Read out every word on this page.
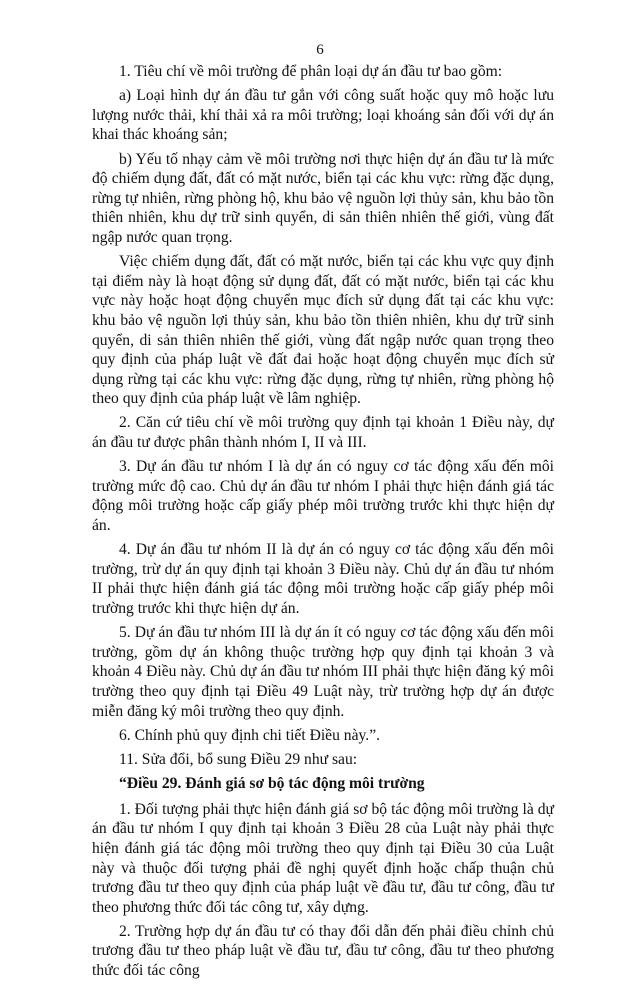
6

1. Tiêu chí về môi trường để phân loại dự án đầu tư bao gồm:

a) Loại hình dự án đầu tư gắn với công suất hoặc quy mô hoặc lưu lượng nước thải, khí thải xả ra môi trường; loại khoáng sản đối với dự án khai thác khoáng sản;

b) Yếu tố nhạy cảm về môi trường nơi thực hiện dự án đầu tư là mức độ chiếm dụng đất, đất có mặt nước, biển tại các khu vực: rừng đặc dụng, rừng tự nhiên, rừng phòng hộ, khu bảo vệ nguồn lợi thủy sản, khu bảo tồn thiên nhiên, khu dự trữ sinh quyển, di sản thiên nhiên thế giới, vùng đất ngập nước quan trọng.

Việc chiếm dụng đất, đất có mặt nước, biển tại các khu vực quy định tại điểm này là hoạt động sử dụng đất, đất có mặt nước, biển tại các khu vực này hoặc hoạt động chuyển mục đích sử dụng đất tại các khu vực: khu bảo vệ nguồn lợi thủy sản, khu bảo tồn thiên nhiên, khu dự trữ sinh quyển, di sản thiên nhiên thế giới, vùng đất ngập nước quan trọng theo quy định của pháp luật về đất đai hoặc hoạt động chuyển mục đích sử dụng rừng tại các khu vực: rừng đặc dụng, rừng tự nhiên, rừng phòng hộ theo quy định của pháp luật về lâm nghiệp.

2. Căn cứ tiêu chí về môi trường quy định tại khoản 1 Điều này, dự án đầu tư được phân thành nhóm I, II và III.

3. Dự án đầu tư nhóm I là dự án có nguy cơ tác động xấu đến môi trường mức độ cao. Chủ dự án đầu tư nhóm I phải thực hiện đánh giá tác động môi trường hoặc cấp giấy phép môi trường trước khi thực hiện dự án.

4. Dự án đầu tư nhóm II là dự án có nguy cơ tác động xấu đến môi trường, trừ dự án quy định tại khoản 3 Điều này. Chủ dự án đầu tư nhóm II phải thực hiện đánh giá tác động môi trường hoặc cấp giấy phép môi trường trước khi thực hiện dự án.

5. Dự án đầu tư nhóm III là dự án ít có nguy cơ tác động xấu đến môi trường, gồm dự án không thuộc trường hợp quy định tại khoản 3 và khoản 4 Điều này. Chủ dự án đầu tư nhóm III phải thực hiện đăng ký môi trường theo quy định tại Điều 49 Luật này, trừ trường hợp dự án được miễn đăng ký môi trường theo quy định.

6. Chính phủ quy định chi tiết Điều này.”.

11. Sửa đổi, bổ sung Điều 29 như sau:

“Điều 29. Đánh giá sơ bộ tác động môi trường

1. Đối tượng phải thực hiện đánh giá sơ bộ tác động môi trường là dự án đầu tư nhóm I quy định tại khoản 3 Điều 28 của Luật này phải thực hiện đánh giá tác động môi trường theo quy định tại Điều 30 của Luật này và thuộc đối tượng phải đề nghị quyết định hoặc chấp thuận chủ trương đầu tư theo quy định của pháp luật về đầu tư, đầu tư công, đầu tư theo phương thức đối tác công tư, xây dựng.

2. Trường hợp dự án đầu tư có thay đổi dẫn đến phải điều chỉnh chủ trương đầu tư theo pháp luật về đầu tư, đầu tư công, đầu tư theo phương thức đối tác công
